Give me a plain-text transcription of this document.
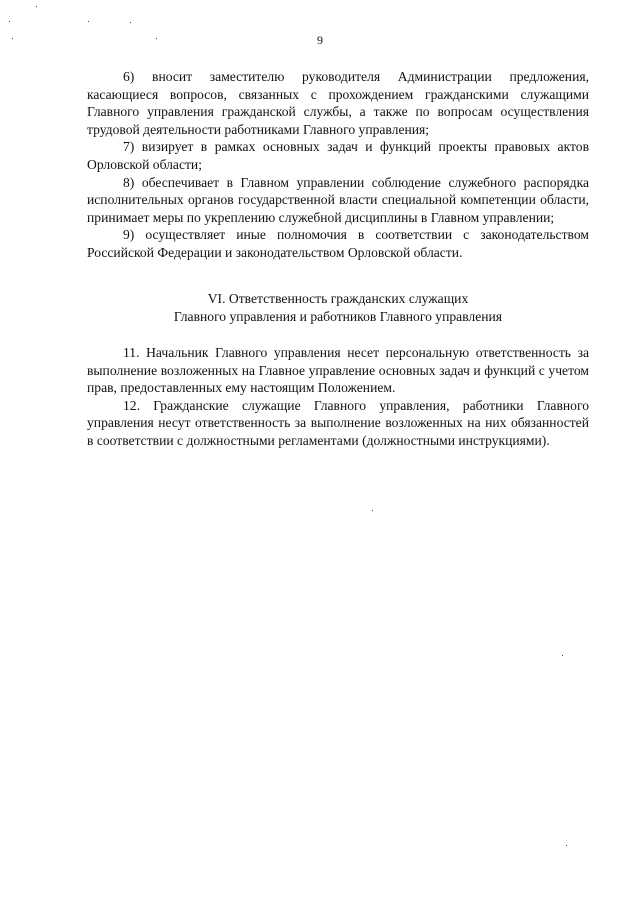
9

6) вносит заместителю руководителя Администрации предложения, касающиеся вопросов, связанных с прохождением гражданскими служащими Главного управления гражданской службы, а также по вопросам осуществления трудовой деятельности работниками Главного управления;

7) визирует в рамках основных задач и функций проекты правовых актов Орловской области;

8) обеспечивает в Главном управлении соблюдение служебного распорядка исполнительных органов государственной власти специальной компетенции области, принимает меры по укреплению служебной дисциплины в Главном управлении;

9) осуществляет иные полномочия в соответствии с законодательством Российской Федерации и законодательством Орловской области.

VI. Ответственность гражданских служащих
Главного управления и работников Главного управления

11. Начальник Главного управления несет персональную ответственность за выполнение возложенных на Главное управление основных задач и функций с учетом прав, предоставленных ему настоящим Положением.

12. Гражданские служащие Главного управления, работники Главного управления несут ответственность за выполнение возложенных на них обязанностей в соответствии с должностными регламентами (должностными инструкциями).
